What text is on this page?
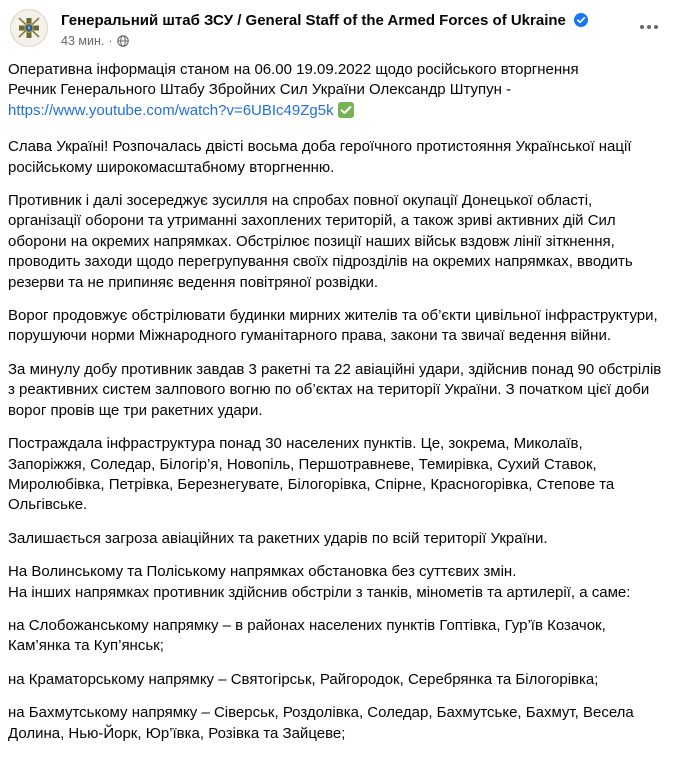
Генеральний штаб ЗСУ / General Staff of the Armed Forces of Ukraine
43 мин. ·

Оперативна інформація станом на 06.00 19.09.2022 щодо російського вторгнення
Речник Генерального Штабу Збройних Сил України Олександр Штупун -
https://www.youtube.com/watch?v=6UBIc49Zg5k

Слава Україні! Розпочалась двісті восьма доба героїчного протистояння Української нації російському широкомасштабному вторгненню.

Противник і далі зосереджує зусилля на спробах повної окупації Донецької області, організації оборони та утриманні захоплених територій, а також зриві активних дій Сил оборони на окремих напрямках. Обстрілює позиції наших військ вздовж лінії зіткнення, проводить заходи щодо перегрупування своїх підрозділів на окремих напрямках, вводить резерви та не припиняє ведення повітряної розвідки.

Ворог продовжує обстрілювати будинки мирних жителів та об’єкти цивільної інфраструктури, порушуючи норми Міжнародного гуманітарного права, закони та звичаї ведення війни.

За минулу добу противник завдав 3 ракетні та 22 авіаційні удари, здійснив понад 90 обстрілів з реактивних систем залпового вогню по об’єктах на території України. З початком цієї доби ворог провів ще три ракетних удари.

Постраждала інфраструктура понад 30 населених пунктів. Це, зокрема, Миколаїв, Запоріжжя, Соледар, Білогір’я, Новопіль, Першотравневе, Темирівка, Сухий Ставок, Миролюбівка, Петрівка, Березнегувате, Білогорівка, Спірне, Красногорівка, Степове та Ольгівське.

Залишається загроза авіаційних та ракетних ударів по всій території України.

На Волинському та Поліському напрямках обстановка без суттєвих змін.

На інших напрямках противник здійснив обстріли з танків, мінометів та артилерії, а саме:

на Слобожанському напрямку – в районах населених пунктів Гоптівка, Гур’їв Козачок, Кам’янка та Куп’янськ;

на Краматорському напрямку – Святогірськ, Райгородок, Серебрянка та Білогорівка;

на Бахмутському напрямку – Сіверськ, Роздолівка, Соледар, Бахмутське, Бахмут, Весела Долина, Нью-Йорк, Юр’ївка, Розівка та Зайцеве;
